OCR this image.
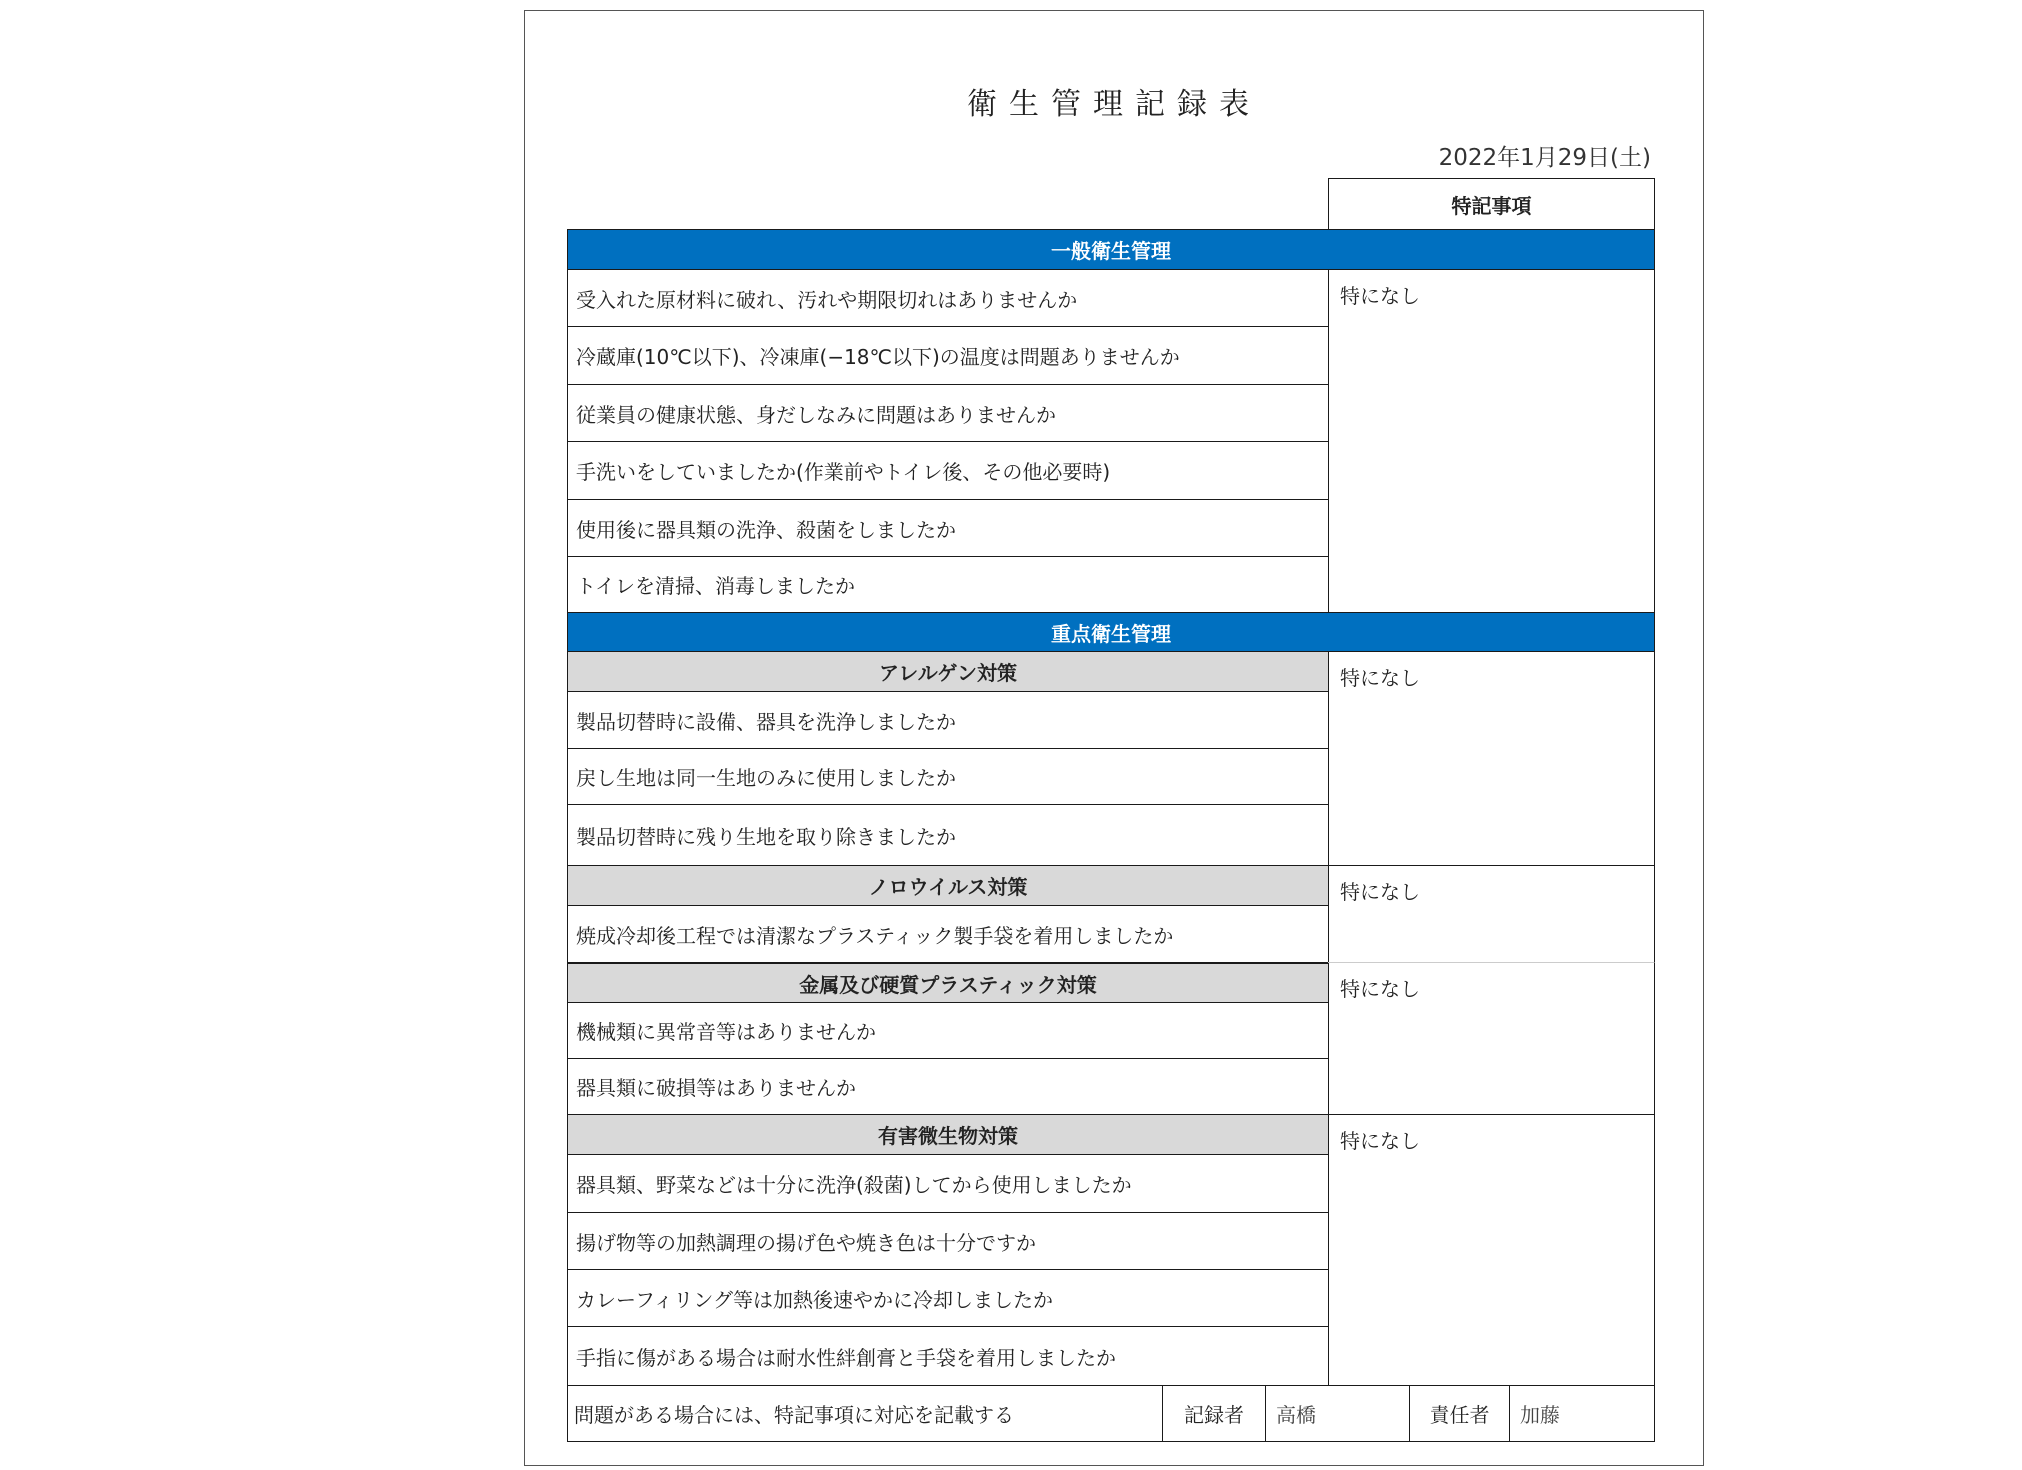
衛生管理記録表
2022年1月29日(土)
特記事項
一般衛生管理
受入れた原材料に破れ、汚れや期限切れはありませんか
冷蔵庫(10℃以下)、冷凍庫(−18℃以下)の温度は問題ありませんか
従業員の健康状態、身だしなみに問題はありませんか
手洗いをしていましたか(作業前やトイレ後、その他必要時)
使用後に器具類の洗浄、殺菌をしましたか
トイレを清掃、消毒しましたか
特になし
重点衛生管理
アレルゲン対策
製品切替時に設備、器具を洗浄しましたか
戻し生地は同一生地のみに使用しましたか
製品切替時に残り生地を取り除きましたか
特になし
ノロウイルス対策
焼成冷却後工程では清潔なプラスティック製手袋を着用しましたか
特になし
金属及び硬質プラスティック対策
機械類に異常音等はありませんか
器具類に破損等はありませんか
特になし
有害微生物対策
器具類、野菜などは十分に洗浄(殺菌)してから使用しましたか
揚げ物等の加熱調理の揚げ色や焼き色は十分ですか
カレーフィリング等は加熱後速やかに冷却しましたか
手指に傷がある場合は耐水性絆創膏と手袋を着用しましたか
特になし
問題がある場合には、特記事項に対応を記載する	記録者 高橋	責任者 加藤
